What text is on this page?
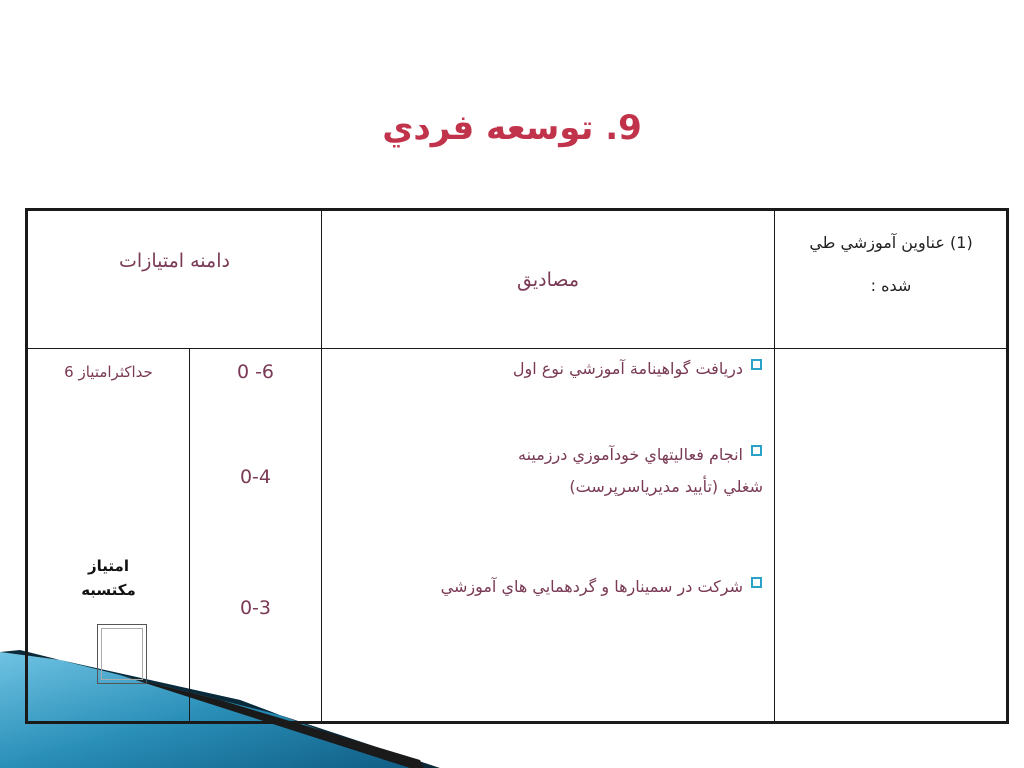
9. توسعه فردي
(1) عناوين آموزشي طي
شده :
مصاديق
دامنه امتيازات
دريافت گواهينامة آموزشي نوع اول
انجام فعاليتهاي خودآموزي درزمينه
شغلي (تأييد مديرياسرپرست)
شركت در سمينارها و گردهمايي هاي آموزشي
0 -6
0-4
0-3
حداكثرامتياز 6
امتياز
مكتسبه
